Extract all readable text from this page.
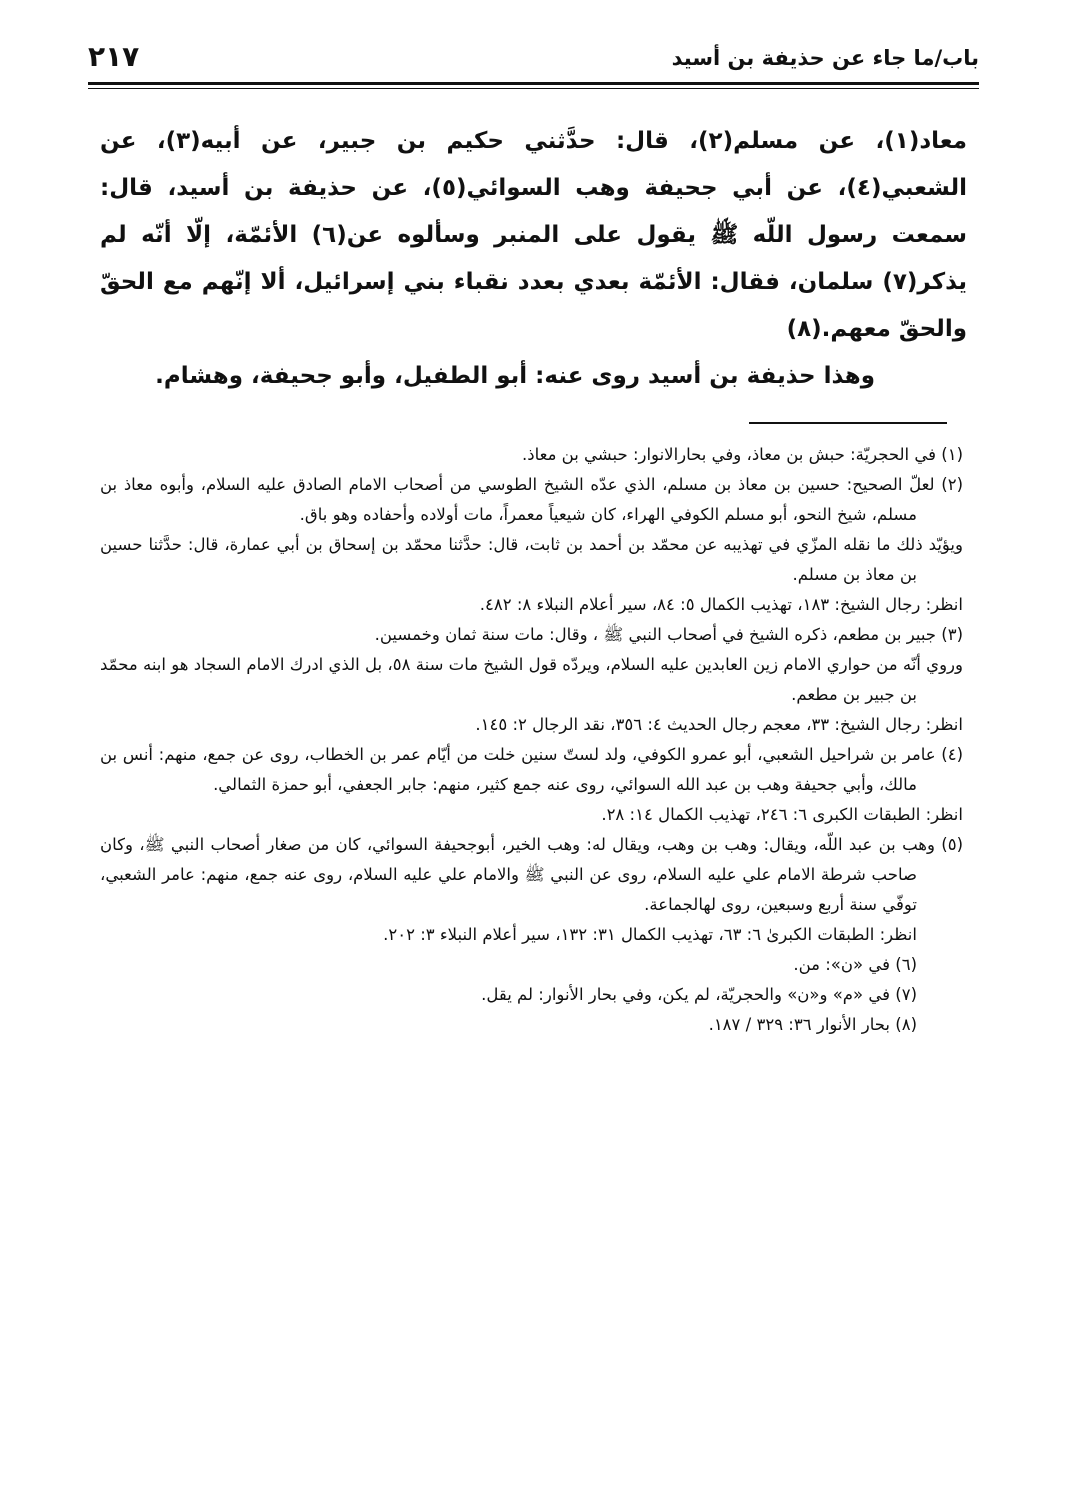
باب/ما جاء عن حذيفة بن أسيد
٢١٧

معاد(١)، عن مسلم(٢)، قال: حدَّثني حكيم بن جبير، عن أبيه(٣)، عن الشعبي(٤)، عن أبي جحيفة وهب السوائي(٥)، عن حذيفة بن أسيد، قال: سمعت رسول اللّه ﷺ يقول على المنبر وسألوه عن(٦) الأئمّة، إلّا أنّه لم يذكر(٧) سلمان، فقال: الأئمّة بعدي بعدد نقباء بني إسرائيل، ألا إنّهم مع الحقّ والحقّ معهم.(٨)

وهذا حذيفة بن أسيد روى عنه: أبو الطفيل، وأبو جحيفة، وهشام.

(١) في الحجريّة: حبش بن معاذ، وفي بحارالانوار: حبشي بن معاذ.

(٢) لعلّ الصحيح: حسين بن معاذ بن مسلم، الذي عدّه الشيخ الطوسي من أصحاب الامام الصادق عليه السلام، وأبوه معاذ بن مسلم، شيخ النحو، أبو مسلم الكوفي الهراء، كان شيعياً معمراً، مات أولاده وأحفاده وهو باق.

ويؤيّد ذلك ما نقله المزّي في تهذيبه عن محمّد بن أحمد بن ثابت، قال: حدَّثنا محمّد بن إسحاق بن أبي عمارة، قال: حدَّثنا حسين بن معاذ بن مسلم.

انظر: رجال الشيخ: ١٨٣، تهذيب الكمال ٥: ٨٤، سير أعلام النبلاء ٨: ٤٨٢.

(٣) جبير بن مطعم، ذكره الشيخ في أصحاب النبي ﷺ ، وقال: مات سنة ثمان وخمسين.

وروي أنّه من حواري الامام زين العابدين عليه السلام، ويردّه قول الشيخ مات سنة ٥٨، بل الذي ادرك الامام السجاد هو ابنه محمّد بن جبير بن مطعم.

انظر: رجال الشيخ: ٣٣، معجم رجال الحديث ٤: ٣٥٦، نقد الرجال ٢: ١٤٥.

(٤) عامر بن شراحيل الشعبي، أبو عمرو الكوفي، ولد لستّ سنين خلت من أيّام عمر بن الخطاب، روى عن جمع، منهم: أنس بن مالك، وأبي جحيفة وهب بن عبد الله السوائي، روى عنه جمع كثير، منهم: جابر الجعفي، أبو حمزة الثمالي.

انظر: الطبقات الكبرى ٦: ٢٤٦، تهذيب الكمال ١٤: ٢٨.

(٥) وهب بن عبد اللّه، ويقال: وهب بن وهب، ويقال له: وهب الخير، أبوجحيفة السوائي، كان من صغار أصحاب النبي ﷺ، وكان صاحب شرطة الامام علي عليه السلام، روى عن النبي ﷺ والامام علي عليه السلام، روى عنه جمع، منهم: عامر الشعبي، توفّي سنة أربع وسبعين، روى لهالجماعة.

انظر: الطبقات الكبرىٰ ٦: ٦٣، تهذيب الكمال ٣١: ١٣٢، سير أعلام النبلاء ٣: ٢٠٢.

(٦) في «ن»: من.

(٧) في «م» و«ن» والحجريّة، لم يكن، وفي بحار الأنوار: لم يقل.

(٨) بحار الأنوار ٣٦: ٣٢٩ / ١٨٧.
